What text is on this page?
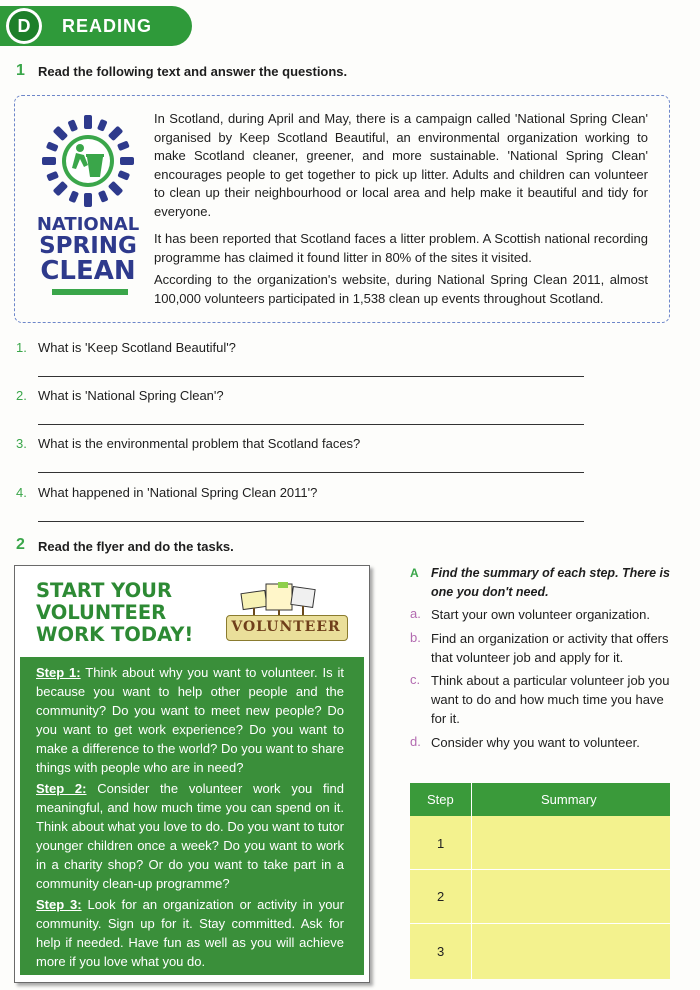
D	READING
1 Read the following text and answer the questions.
NATIONAL
SPRING
CLEAN
In Scotland, during April and May, there is a campaign called 'National Spring Clean' organised by Keep Scotland Beautiful, an environmental organization working to make Scotland cleaner, greener, and more sustainable. 'National Spring Clean' encourages people to get together to pick up litter. Adults and children can volunteer to clean up their neighbourhood or local area and help make it beautiful and tidy for everyone.
It has been reported that Scotland faces a litter problem. A Scottish national recording programme has claimed it found litter in 80% of the sites it visited.
According to the organization's website, during National Spring Clean 2011, almost 100,000 volunteers participated in 1,538 clean up events throughout Scotland.
1. What is 'Keep Scotland Beautiful'?
2. What is 'National Spring Clean'?
3. What is the environmental problem that Scotland faces?
4. What happened in 'National Spring Clean 2011'?
2 Read the flyer and do the tasks.
START YOUR
VOLUNTEER
WORK TODAY!	VOLUNTEER
Step 1: Think about why you want to volunteer. Is it because you want to help other people and the community? Do you want to meet new people? Do you want to get work experience? Do you want to make a difference to the world? Do you want to share things with people who are in need?
Step 2: Consider the volunteer work you find meaningful, and how much time you can spend on it. Think about what you love to do. Do you want to tutor younger children once a week? Do you want to work in a charity shop? Or do you want to take part in a community clean-up programme?
Step 3: Look for an organization or activity in your community. Sign up for it. Stay committed. Ask for help if needed. Have fun as well as you will achieve more if you love what you do.
A Find the summary of each step. There is one you don't need.
a. Start your own volunteer organization.
b. Find an organization or activity that offers that volunteer job and apply for it.
c. Think about a particular volunteer job you want to do and how much time you have for it.
d. Consider why you want to volunteer.
Step	Summary
1
2
3
